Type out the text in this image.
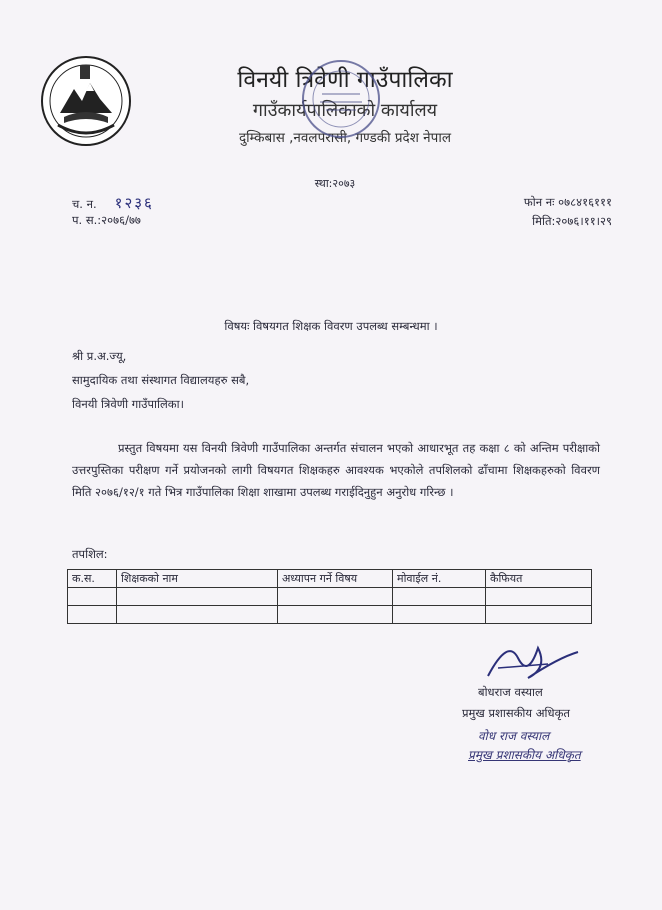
विनयी त्रिवेणी गाउँपालिका
गाउँकार्यपालिकाको कार्यालय
दुम्किबास ,नवलपरासी, गण्डकी प्रदेश नेपाल
स्था:२०७३
च. न. १२३६
प. स.:२०७६/७७
फोन नः ०७८४१६१११
मिति:२०७६।११।२९
विषयः विषयगत शिक्षक विवरण उपलब्ध सम्बन्धमा ।
श्री प्र.अ.ज्यू,
सामुदायिक तथा संस्थागत विद्यालयहरु सबै,
विनयी त्रिवेणी गाउँपालिका।

प्रस्तुत विषयमा यस विनयी त्रिवेणी गाउँपालिका अन्तर्गत संचालन भएको आधारभूत तह कक्षा ८ को अन्तिम परीक्षाको उत्तरपुस्तिका परीक्षण गर्ने प्रयोजनको लागी विषयगत शिक्षकहरु आवश्यक भएकोले तपशिलको ढाँचामा शिक्षकहरुको विवरण मिति २०७६/१२/१ गते भित्र गाउँपालिका शिक्षा शाखामा उपलब्ध गराईदिनुहुन अनुरोध गरिन्छ ।

तपशिल:
क.स.	शिक्षकको नाम	अध्यापन गर्ने विषय	मोवाईल नं.	कैफियत

बोधराज वस्याल
प्रमुख प्रशासकीय अधिकृत
वोध राज वस्याल
प्रमुख प्रशासकीय अधिकृत
